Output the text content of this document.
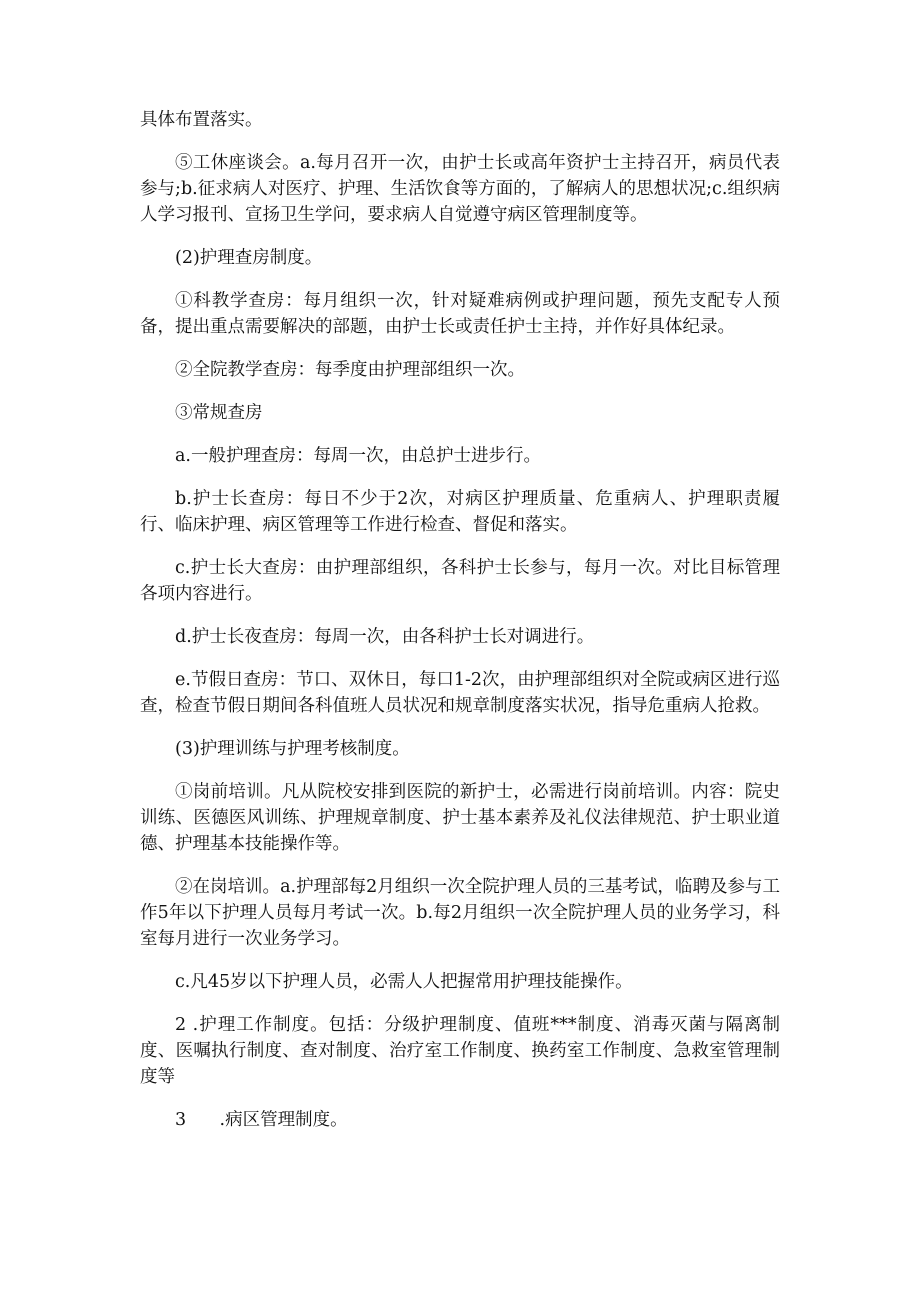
具体布置落实。

⑤工休座谈会。a.每月召开一次，由护士长或高年资护士主持召开，病员代表参与;b.征求病人对医疗、护理、生活饮食等方面的，了解病人的思想状况;c.组织病人学习报刊、宣扬卫生学问，要求病人自觉遵守病区管理制度等。

(2)护理查房制度。

①科教学查房：每月组织一次，针对疑难病例或护理问题，预先支配专人预备，提出重点需要解决的部题，由护士长或责任护士主持，并作好具体纪录。

②全院教学查房：每季度由护理部组织一次。

③常规查房

a.一般护理查房：每周一次，由总护士进步行。

b.护士长查房：每日不少于2次，对病区护理质量、危重病人、护理职责履行、临床护理、病区管理等工作进行检查、督促和落实。

c.护士长大查房：由护理部组织，各科护士长参与，每月一次。对比目标管理各项内容进行。

d.护士长夜查房：每周一次，由各科护士长对调进行。

e.节假日查房：节口、双休日，每口1-2次，由护理部组织对全院或病区进行巡查，检查节假日期间各科值班人员状况和规章制度落实状况，指导危重病人抢救。

(3)护理训练与护理考核制度。

①岗前培训。凡从院校安排到医院的新护士，必需进行岗前培训。内容：院史训练、医德医风训练、护理规章制度、护士基本素养及礼仪法律规范、护士职业道德、护理基本技能操作等。

②在岗培训。a.护理部每2月组织一次全院护理人员的三基考试，临聘及参与工作5年以下护理人员每月考试一次。b.每2月组织一次全院护理人员的业务学习，科室每月进行一次业务学习。

c.凡45岁以下护理人员，必需人人把握常用护理技能操作。

2 .护理工作制度。包括：分级护理制度、值班***制度、消毒灭菌与隔离制度、医嘱执行制度、查对制度、治疗室工作制度、换药室工作制度、急救室管理制度等

3      .病区管理制度。
